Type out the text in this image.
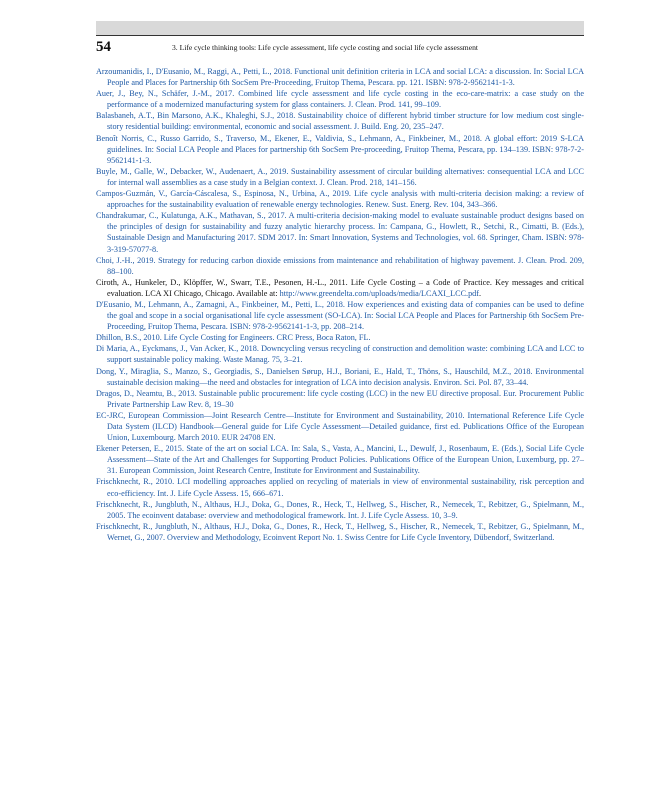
54	3. Life cycle thinking tools: Life cycle assessment, life cycle costing and social life cycle assessment
Arzoumanidis, I., D'Eusanio, M., Raggi, A., Petti, L., 2018. Functional unit definition criteria in LCA and social LCA: a discussion. In: Social LCA People and Places for Partnership 6th SocSem Pre-Proceeding, Fruitop Thema, Pescara. pp. 121. ISBN: 978-2-9562141-1-3.
Auer, J., Bey, N., Schäfer, J.-M., 2017. Combined life cycle assessment and life cycle costing in the eco-care-matrix: a case study on the performance of a modernized manufacturing system for glass containers. J. Clean. Prod. 141, 99–109.
Balasbaneh, A.T., Bin Marsono, A.K., Khaleghi, S.J., 2018. Sustainability choice of different hybrid timber structure for low medium cost single-story residential building: environmental, economic and social assessment. J. Build. Eng. 20, 235–247.
Benoît Norris, C., Russo Garrido, S., Traverso, M., Ekener, E., Valdivia, S., Lehmann, A., Finkbeiner, M., 2018. A global effort: 2019 S-LCA guidelines. In: Social LCA People and Places for partnership 6th SocSem Pre-proceeding, Fruitop Thema, Pescara, pp. 134–139. ISBN: 978-7-2-9562141-1-3.
Buyle, M., Galle, W., Debacker, W., Audenaert, A., 2019. Sustainability assessment of circular building alternatives: consequential LCA and LCC for internal wall assemblies as a case study in a Belgian context. J. Clean. Prod. 218, 141–156.
Campos-Guzmán, V., García-Cáscalesa, S., Espinosa, N., Urbina, A., 2019. Life cycle analysis with multi-criteria decision making: a review of approaches for the sustainability evaluation of renewable energy technologies. Renew. Sust. Energ. Rev. 104, 343–366.
Chandrakumar, C., Kulatunga, A.K., Mathavan, S., 2017. A multi-criteria decision-making model to evaluate sustainable product designs based on the principles of design for sustainability and fuzzy analytic hierarchy process. In: Campana, G., Howlett, R., Setchi, R., Cimatti, B. (Eds.), Sustainable Design and Manufacturing 2017. SDM 2017. In: Smart Innovation, Systems and Technologies, vol. 68. Springer, Cham. ISBN: 978-3-319-57077-8.
Choi, J.-H., 2019. Strategy for reducing carbon dioxide emissions from maintenance and rehabilitation of highway pavement. J. Clean. Prod. 209, 88–100.
Ciroth, A., Hunkeler, D., Klöpffer, W., Swarr, T.E., Pesonen, H.-L., 2011. Life Cycle Costing – a Code of Practice. Key messages and critical evaluation. LCA XI Chicago, Chicago. Available at: http://www.greendelta.com/uploads/media/LCAXI_LCC.pdf.
D'Eusanio, M., Lehmann, A., Zamagni, A., Finkbeiner, M., Petti, L., 2018. How experiences and existing data of companies can be used to define the goal and scope in a social organisational life cycle assessment (SO-LCA). In: Social LCA People and Places for Partnership 6th SocSem Pre-Proceeding, Fruitop Thema, Pescara. ISBN: 978-2-9562141-1-3, pp. 208–214.
Dhillon, B.S., 2010. Life Cycle Costing for Engineers. CRC Press, Boca Raton, FL.
Di Maria, A., Eyckmans, J., Van Acker, K., 2018. Downcycling versus recycling of construction and demolition waste: combining LCA and LCC to support sustainable policy making. Waste Manag. 75, 3–21.
Dong, Y., Miraglia, S., Manzo, S., Georgiadis, S., Danielsen Sørup, H.J., Boriani, E., Hald, T., Thöns, S., Hauschild, M.Z., 2018. Environmental sustainable decision making—the need and obstacles for integration of LCA into decision analysis. Environ. Sci. Pol. 87, 33–44.
Dragos, D., Neamtu, B., 2013. Sustainable public procurement: life cycle costing (LCC) in the new EU directive proposal. Eur. Procurement Public Private Partnership Law Rev. 8, 19–30
EC-JRC, European Commission—Joint Research Centre—Institute for Environment and Sustainability, 2010. International Reference Life Cycle Data System (ILCD) Handbook—General guide for Life Cycle Assessment—Detailed guidance, first ed. Publications Office of the European Union, Luxembourg. March 2010. EUR 24708 EN.
Ekener Petersen, E., 2015. State of the art on social LCA. In: Sala, S., Vasta, A., Mancini, L., Dewulf, J., Rosenbaum, E. (Eds.), Social Life Cycle Assessment—State of the Art and Challenges for Supporting Product Policies. Publications Office of the European Union, Luxemburg, pp. 27–31. European Commission, Joint Research Centre, Institute for Environment and Sustainability.
Frischknecht, R., 2010. LCI modelling approaches applied on recycling of materials in view of environmental sustainability, risk perception and eco-efficiency. Int. J. Life Cycle Assess. 15, 666–671.
Frischknecht, R., Jungbluth, N., Althaus, H.J., Doka, G., Dones, R., Heck, T., Hellweg, S., Hischer, R., Nemecek, T., Rebitzer, G., Spielmann, M., 2005. The ecoinvent database: overview and methodological framework. Int. J. Life Cycle Assess. 10, 3–9.
Frischknecht, R., Jungbluth, N., Althaus, H.J., Doka, G., Dones, R., Heck, T., Hellweg, S., Hischer, R., Nemecek, T., Rebitzer, G., Spielmann, M., Wernet, G., 2007. Overview and Methodology, Ecoinvent Report No. 1. Swiss Centre for Life Cycle Inventory, Dübendorf, Switzerland.
